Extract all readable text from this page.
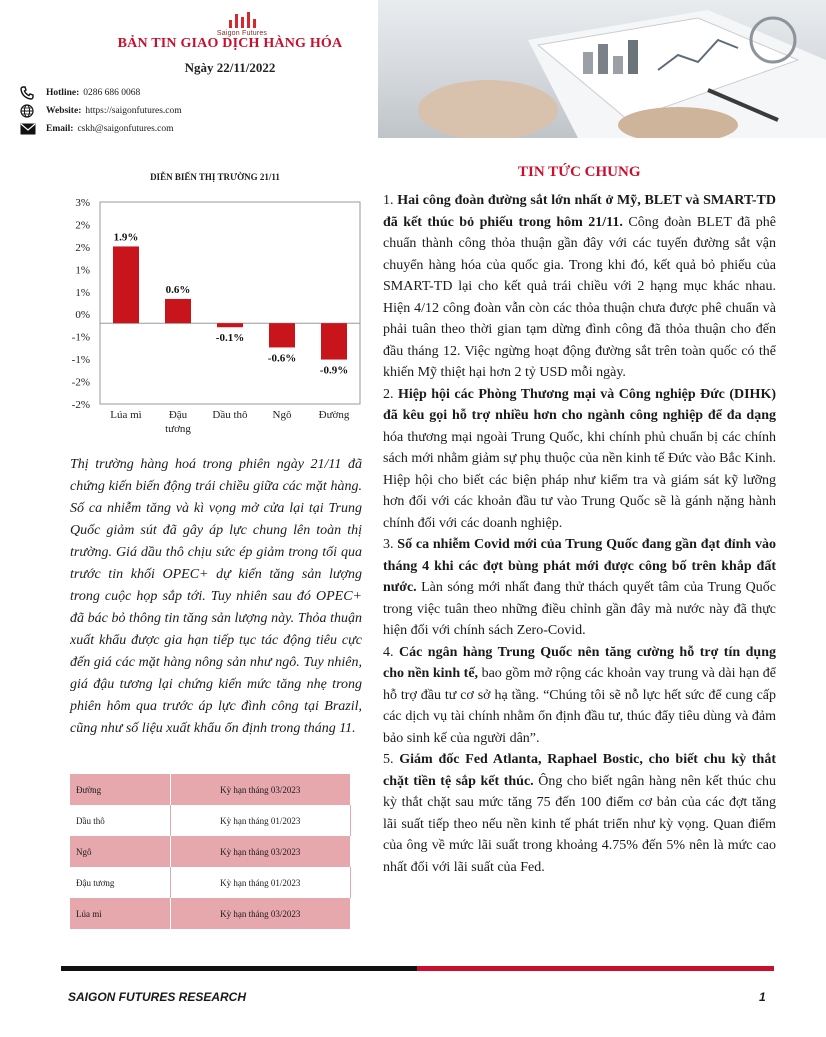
Saigon Futures
BẢN TIN GIAO DỊCH HÀNG HÓA
Ngày 22/11/2022
Hotline: 0286 686 0068
Website: https://saigonfutures.com
Email: cskh@saigonfutures.com
DIỄN BIẾN THỊ TRƯỜNG 21/11
3%
2%
2%
1%
1%
0%
-1%
-1%
-2%
-2%
1.9%
Lúa mì
0.6%
Đậu
tương
-0.1%
Dầu thô
-0.6%
Ngô
-0.9%
Đường
Thị trường hàng hoá trong phiên ngày 21/11 đã chứng kiến biến động trái chiều giữa các mặt hàng. Số ca nhiễm tăng và kì vọng mở cửa lại tại Trung Quốc giảm sút đã gây áp lực chung lên toàn thị trường. Giá dầu thô chịu sức ép giảm trong tối qua trước tin khối OPEC+ dự kiến tăng sản lượng trong cuộc họp sắp tới. Tuy nhiên sau đó OPEC+ đã bác bỏ thông tin tăng sản lượng này. Thỏa thuận xuất khẩu được gia hạn tiếp tục tác động tiêu cực đến giá các mặt hàng nông sản như ngô. Tuy nhiên, giá đậu tương lại chứng kiến mức tăng nhẹ trong phiên hôm qua trước áp lực đình công tại Brazil, cũng như số liệu xuất khẩu ổn định trong tháng 11.
Đường	Kỳ hạn tháng 03/2023
Dầu thô	Kỳ hạn tháng 01/2023
Ngô	Kỳ hạn tháng 03/2023
Đậu tương	Kỳ hạn tháng 01/2023
Lúa mì	Kỳ hạn tháng 03/2023
TIN TỨC CHUNG

1. Hai công đoàn đường sắt lớn nhất ở Mỹ, BLET và SMART-TD đã kết thúc bỏ phiếu trong hôm 21/11. Công đoàn BLET đã phê chuẩn thành công thỏa thuận gần đây với các tuyến đường sắt vận chuyển hàng hóa của quốc gia. Trong khi đó, kết quả bỏ phiếu của SMART-TD lại cho kết quả trái chiều với 2 hạng mục khác nhau. Hiện 4/12 công đoàn vẫn còn các thỏa thuận chưa được phê chuẩn và phải tuân theo thời gian tạm dừng đình công đã thỏa thuận cho đến đầu tháng 12. Việc ngừng hoạt động đường sắt trên toàn quốc có thể khiến Mỹ thiệt hại hơn 2 tỷ USD mỗi ngày.

2. Hiệp hội các Phòng Thương mại và Công nghiệp Đức (DIHK) đã kêu gọi hỗ trợ nhiều hơn cho ngành công nghiệp để đa dạng hóa thương mại ngoài Trung Quốc, khi chính phủ chuẩn bị các chính sách mới nhằm giảm sự phụ thuộc của nền kinh tế Đức vào Bắc Kinh. Hiệp hội cho biết các biện pháp như kiểm tra và giám sát kỹ lưỡng hơn đối với các khoản đầu tư vào Trung Quốc sẽ là gánh nặng hành chính đối với các doanh nghiệp.

3. Số ca nhiễm Covid mới của Trung Quốc đang gần đạt đỉnh vào tháng 4 khi các đợt bùng phát mới được công bố trên khắp đất nước. Làn sóng mới nhất đang thử thách quyết tâm của Trung Quốc trong việc tuân theo những điều chỉnh gần đây mà nước này đã thực hiện đối với chính sách Zero-Covid.

4. Các ngân hàng Trung Quốc nên tăng cường hỗ trợ tín dụng cho nền kinh tế, bao gồm mở rộng các khoản vay trung và dài hạn để hỗ trợ đầu tư cơ sở hạ tầng. “Chúng tôi sẽ nỗ lực hết sức để cung cấp các dịch vụ tài chính nhằm ổn định đầu tư, thúc đẩy tiêu dùng và đảm bảo sinh kế của người dân”.

5. Giám đốc Fed Atlanta, Raphael Bostic, cho biết chu kỳ thắt chặt tiền tệ sắp kết thúc. Ông cho biết ngân hàng nên kết thúc chu kỳ thắt chặt sau mức tăng 75 đến 100 điểm cơ bản của các đợt tăng lãi suất tiếp theo nếu nền kinh tế phát triển như kỳ vọng. Quan điểm của ông về mức lãi suất trong khoảng 4.75% đến 5% nên là mức cao nhất đối với lãi suất của Fed.

SAIGON FUTURES RESEARCH	1
